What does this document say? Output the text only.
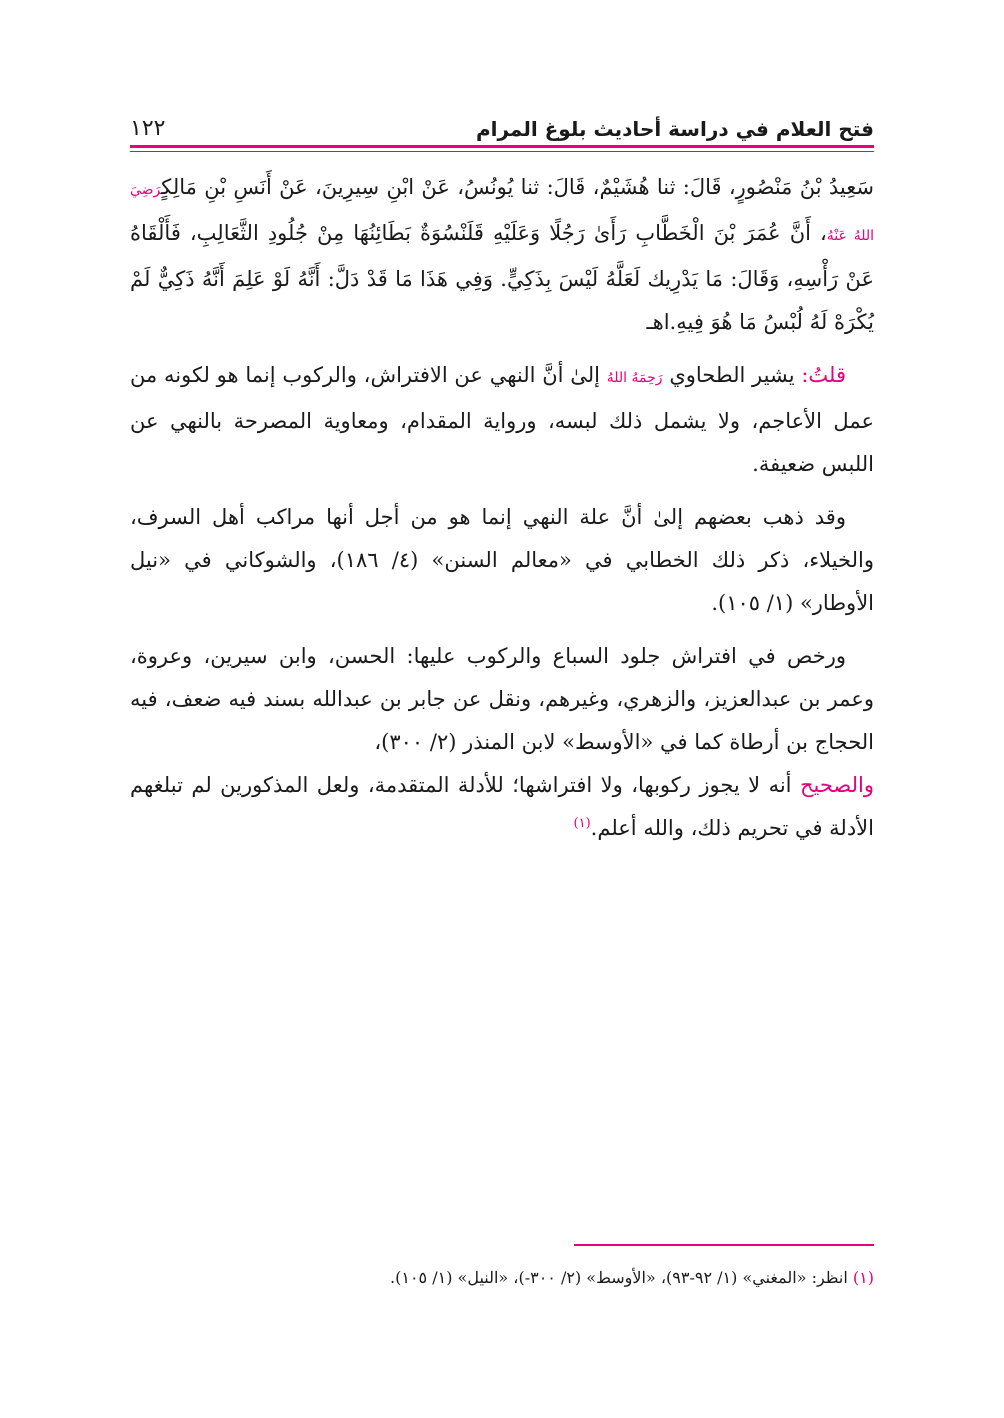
فتح العلام في دراسة أحاديث بلوغ المرام
١٢٢

سَعِيدُ بْنُ مَنْصُورٍ، قَالَ: ثنا هُشَيْمٌ، قَالَ: ثنا يُونُسُ، عَنْ ابْنِ سِيرِينَ، عَنْ أَنَسِ بْنِ مَالِكٍرَضِيَ اللهُ عَنْهُ، أَنَّ عُمَرَ بْنَ الْخَطَّابِ رَأَىٰ رَجُلًا وَعَلَيْهِ قَلَنْسُوَةٌ بَطَائِنُهَا مِنْ جُلُودِ الثَّعَالِبِ، فَأَلْقَاهُ عَنْ رَأْسِهِ، وَقَالَ: مَا يَدْرِيك لَعَلَّهُ لَيْسَ بِذَكِيٍّ. وَفِي هَذَا مَا قَدْ دَلَّ: أَنَّهُ لَوْ عَلِمَ أَنَّهُ ذَكِيٌّ لَمْ يُكْرَهْ لَهُ لُبْسُ مَا هُوَ فِيهِ.اهـ

قلتُ: يشير الطحاوي رَحِمَهُ اللهُ إلىٰ أنَّ النهي عن الافتراش، والركوب إنما هو لكونه من عمل الأعاجم، ولا يشمل ذلك لبسه، ورواية المقدام، ومعاوية المصرحة بالنهي عن اللبس ضعيفة.

وقد ذهب بعضهم إلىٰ أنَّ علة النهي إنما هو من أجل أنها مراكب أهل السرف، والخيلاء، ذكر ذلك الخطابي في «معالم السنن» (٤/ ١٨٦)، والشوكاني في «نيل الأوطار» (١/ ١٠٥).

ورخص في افتراش جلود السباع والركوب عليها: الحسن، وابن سيرين، وعروة، وعمر بن عبدالعزيز، والزهري، وغيرهم، ونقل عن جابر بن عبدالله بسند فيه ضعف، فيه الحجاج بن أرطاة كما في «الأوسط» لابن المنذر (٢/ ٣٠٠)،

والصحيح أنه لا يجوز ركوبها، ولا افتراشها؛ للأدلة المتقدمة، ولعل المذكورين لم تبلغهم الأدلة في تحريم ذلك، والله أعلم.$^{(١)}$

(١) انظر: «المغني» (١/ ٩٢-٩٣)، «الأوسط» (٢/ ٣٠٠-)، «النيل» (١/ ١٠٥).
